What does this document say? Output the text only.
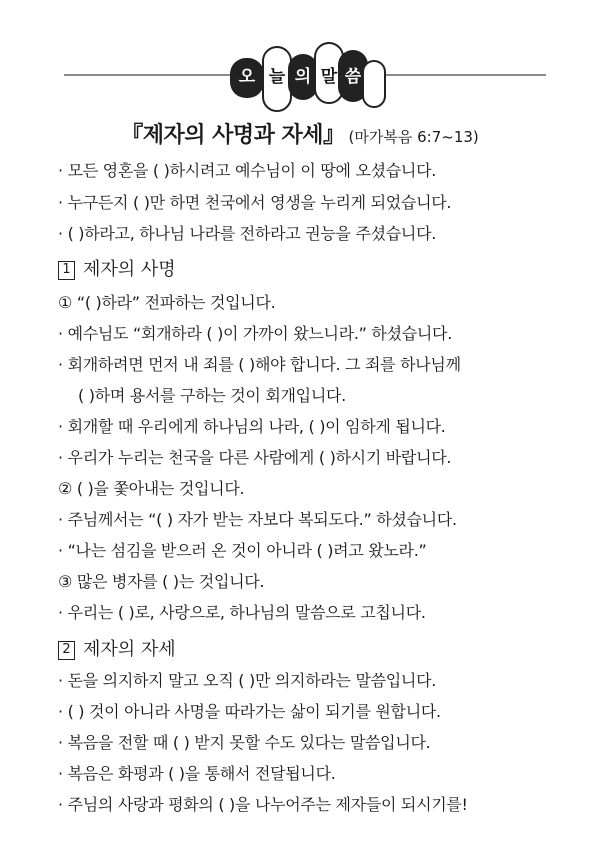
오 늘 의 말 씀
『제자의 사명과 자세』 (마가복음 6:7~13)
· 모든 영혼을 ( )하시려고 예수님이 이 땅에 오셨습니다.
· 누구든지 ( )만 하면 천국에서 영생을 누리게 되었습니다.
· ( )하라고, 하나님 나라를 전하라고 권능을 주셨습니다.
1 제자의 사명
① “( )하라” 전파하는 것입니다.
· 예수님도 “회개하라 ( )이 가까이 왔느니라.” 하셨습니다.
· 회개하려면 먼저 내 죄를 ( )해야 합니다. 그 죄를 하나님께
( )하며 용서를 구하는 것이 회개입니다.
· 회개할 때 우리에게 하나님의 나라, ( )이 임하게 됩니다.
· 우리가 누리는 천국을 다른 사람에게 ( )하시기 바랍니다.
② ( )을 쫓아내는 것입니다.
· 주님께서는 “( ) 자가 받는 자보다 복되도다.” 하셨습니다.
· “나는 섬김을 받으러 온 것이 아니라 ( )려고 왔노라.”
③ 많은 병자를 ( )는 것입니다.
· 우리는 ( )로, 사랑으로, 하나님의 말씀으로 고칩니다.
2 제자의 자세
· 돈을 의지하지 말고 오직 ( )만 의지하라는 말씀입니다.
· ( ) 것이 아니라 사명을 따라가는 삶이 되기를 원합니다.
· 복음을 전할 때 ( ) 받지 못할 수도 있다는 말씀입니다.
· 복음은 화평과 ( )을 통해서 전달됩니다.
· 주님의 사랑과 평화의 ( )을 나누어주는 제자들이 되시기를!
